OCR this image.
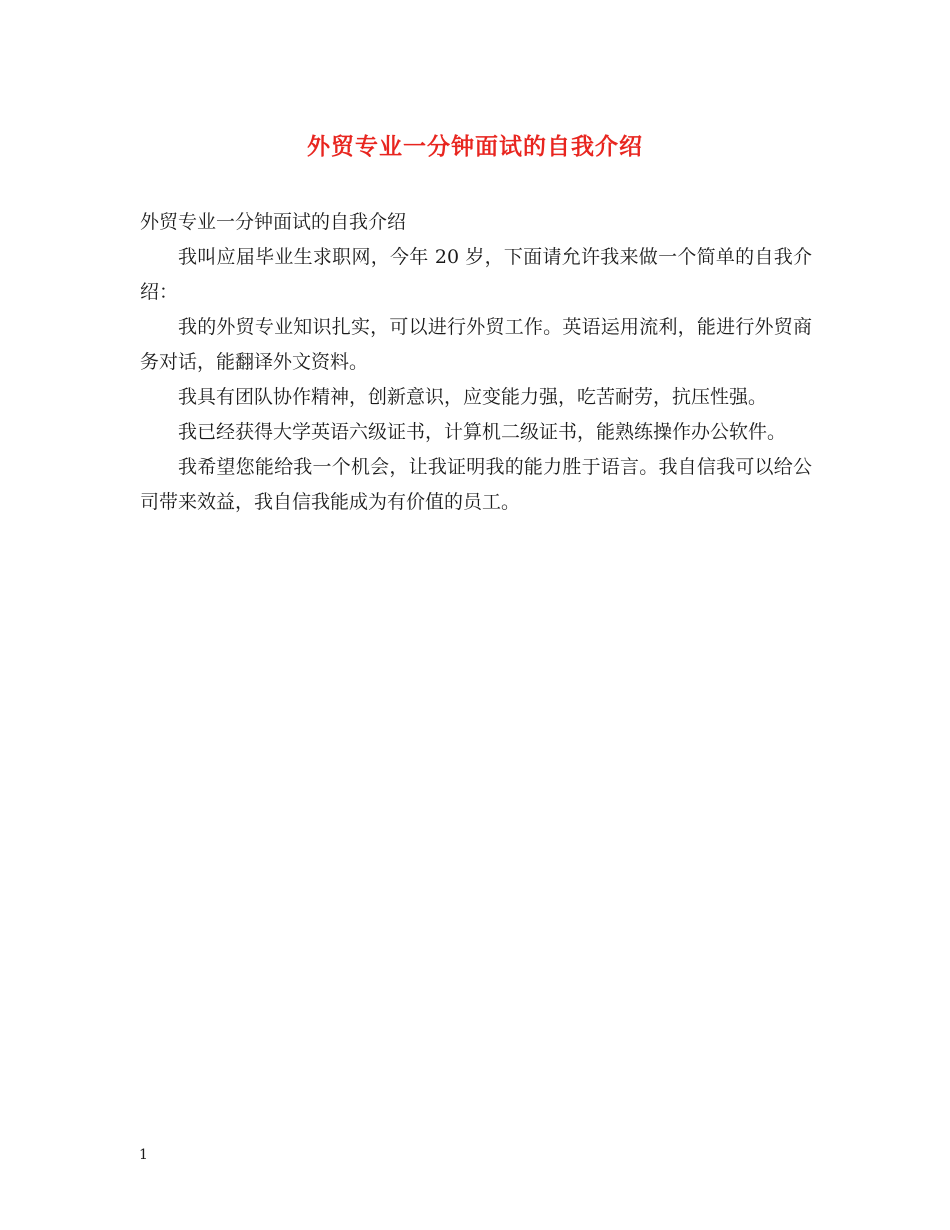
外贸专业一分钟面试的自我介绍

外贸专业一分钟面试的自我介绍

我叫应届毕业生求职网，今年 20 岁，下面请允许我来做一个简单的自我介绍：

我的外贸专业知识扎实，可以进行外贸工作。英语运用流利，能进行外贸商务对话，能翻译外文资料。

我具有团队协作精神，创新意识，应变能力强，吃苦耐劳，抗压性强。

我已经获得大学英语六级证书，计算机二级证书，能熟练操作办公软件。

我希望您能给我一个机会，让我证明我的能力胜于语言。我自信我可以给公司带来效益，我自信我能成为有价值的员工。

1
